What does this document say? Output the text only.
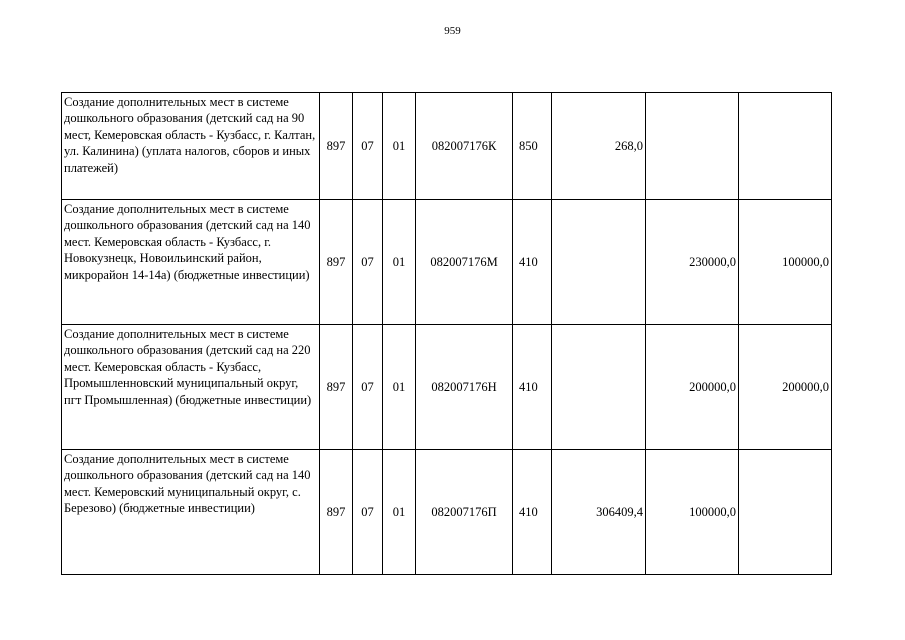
959
Создание дополнительных мест в системе дошкольного образования (детский сад на 90 мест, Кемеровская область - Кузбасс, г. Калтан, ул. Калинина) (уплата налогов, сборов и иных платежей)	897	07	01	082007176К	850	268,0		
Создание дополнительных мест в системе дошкольного образования (детский сад на 140 мест. Кемеровская область - Кузбасс, г. Новокузнецк, Новоильинский район, микрорайон 14-14а) (бюджетные инвестиции)	897	07	01	082007176М	410		230000,0	100000,0
Создание дополнительных мест в системе дошкольного образования (детский сад на 220 мест. Кемеровская область - Кузбасс, Промышленновский муниципальный округ, пгт Промышленная) (бюджетные инвестиции)	897	07	01	082007176Н	410		200000,0	200000,0
Создание дополнительных мест в системе дошкольного образования (детский сад на 140 мест. Кемеровский муниципальный округ, с. Березово) (бюджетные инвестиции)	897	07	01	082007176П	410	306409,4	100000,0	
